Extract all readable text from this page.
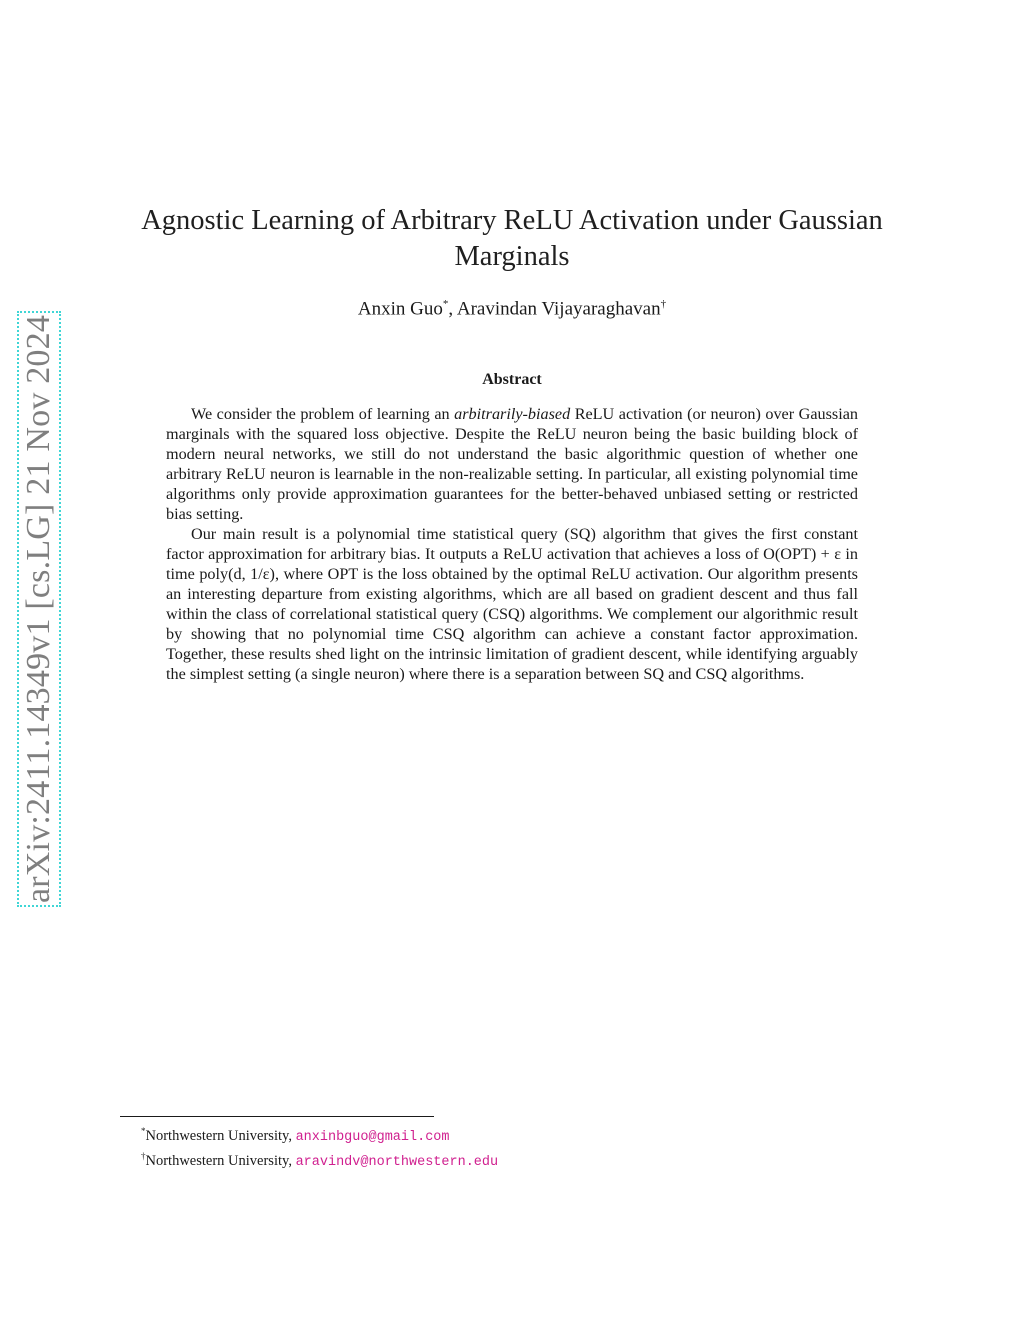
arXiv:2411.14349v1 [cs.LG] 21 Nov 2024
Agnostic Learning of Arbitrary ReLU Activation under Gaussian Marginals
Anxin Guo*, Aravindan Vijayaraghavan†
Abstract

We consider the problem of learning an arbitrarily-biased ReLU activation (or neuron) over Gaussian marginals with the squared loss objective. Despite the ReLU neuron being the basic building block of modern neural networks, we still do not understand the basic algorithmic question of whether one arbitrary ReLU neuron is learnable in the non-realizable setting. In particular, all existing polynomial time algorithms only provide approximation guarantees for the better-behaved unbiased setting or restricted bias setting.

Our main result is a polynomial time statistical query (SQ) algorithm that gives the first constant factor approximation for arbitrary bias. It outputs a ReLU activation that achieves a loss of O(OPT) + ε in time poly(d, 1/ε), where OPT is the loss obtained by the optimal ReLU activation. Our algorithm presents an interesting departure from existing algorithms, which are all based on gradient descent and thus fall within the class of correlational statistical query (CSQ) algorithms. We complement our algorithmic result by showing that no polynomial time CSQ algorithm can achieve a constant factor approximation. Together, these results shed light on the intrinsic limitation of gradient descent, while identifying arguably the simplest setting (a single neuron) where there is a separation between SQ and CSQ algorithms.

*Northwestern University, anxinbguo@gmail.com
†Northwestern University, aravindv@northwestern.edu
